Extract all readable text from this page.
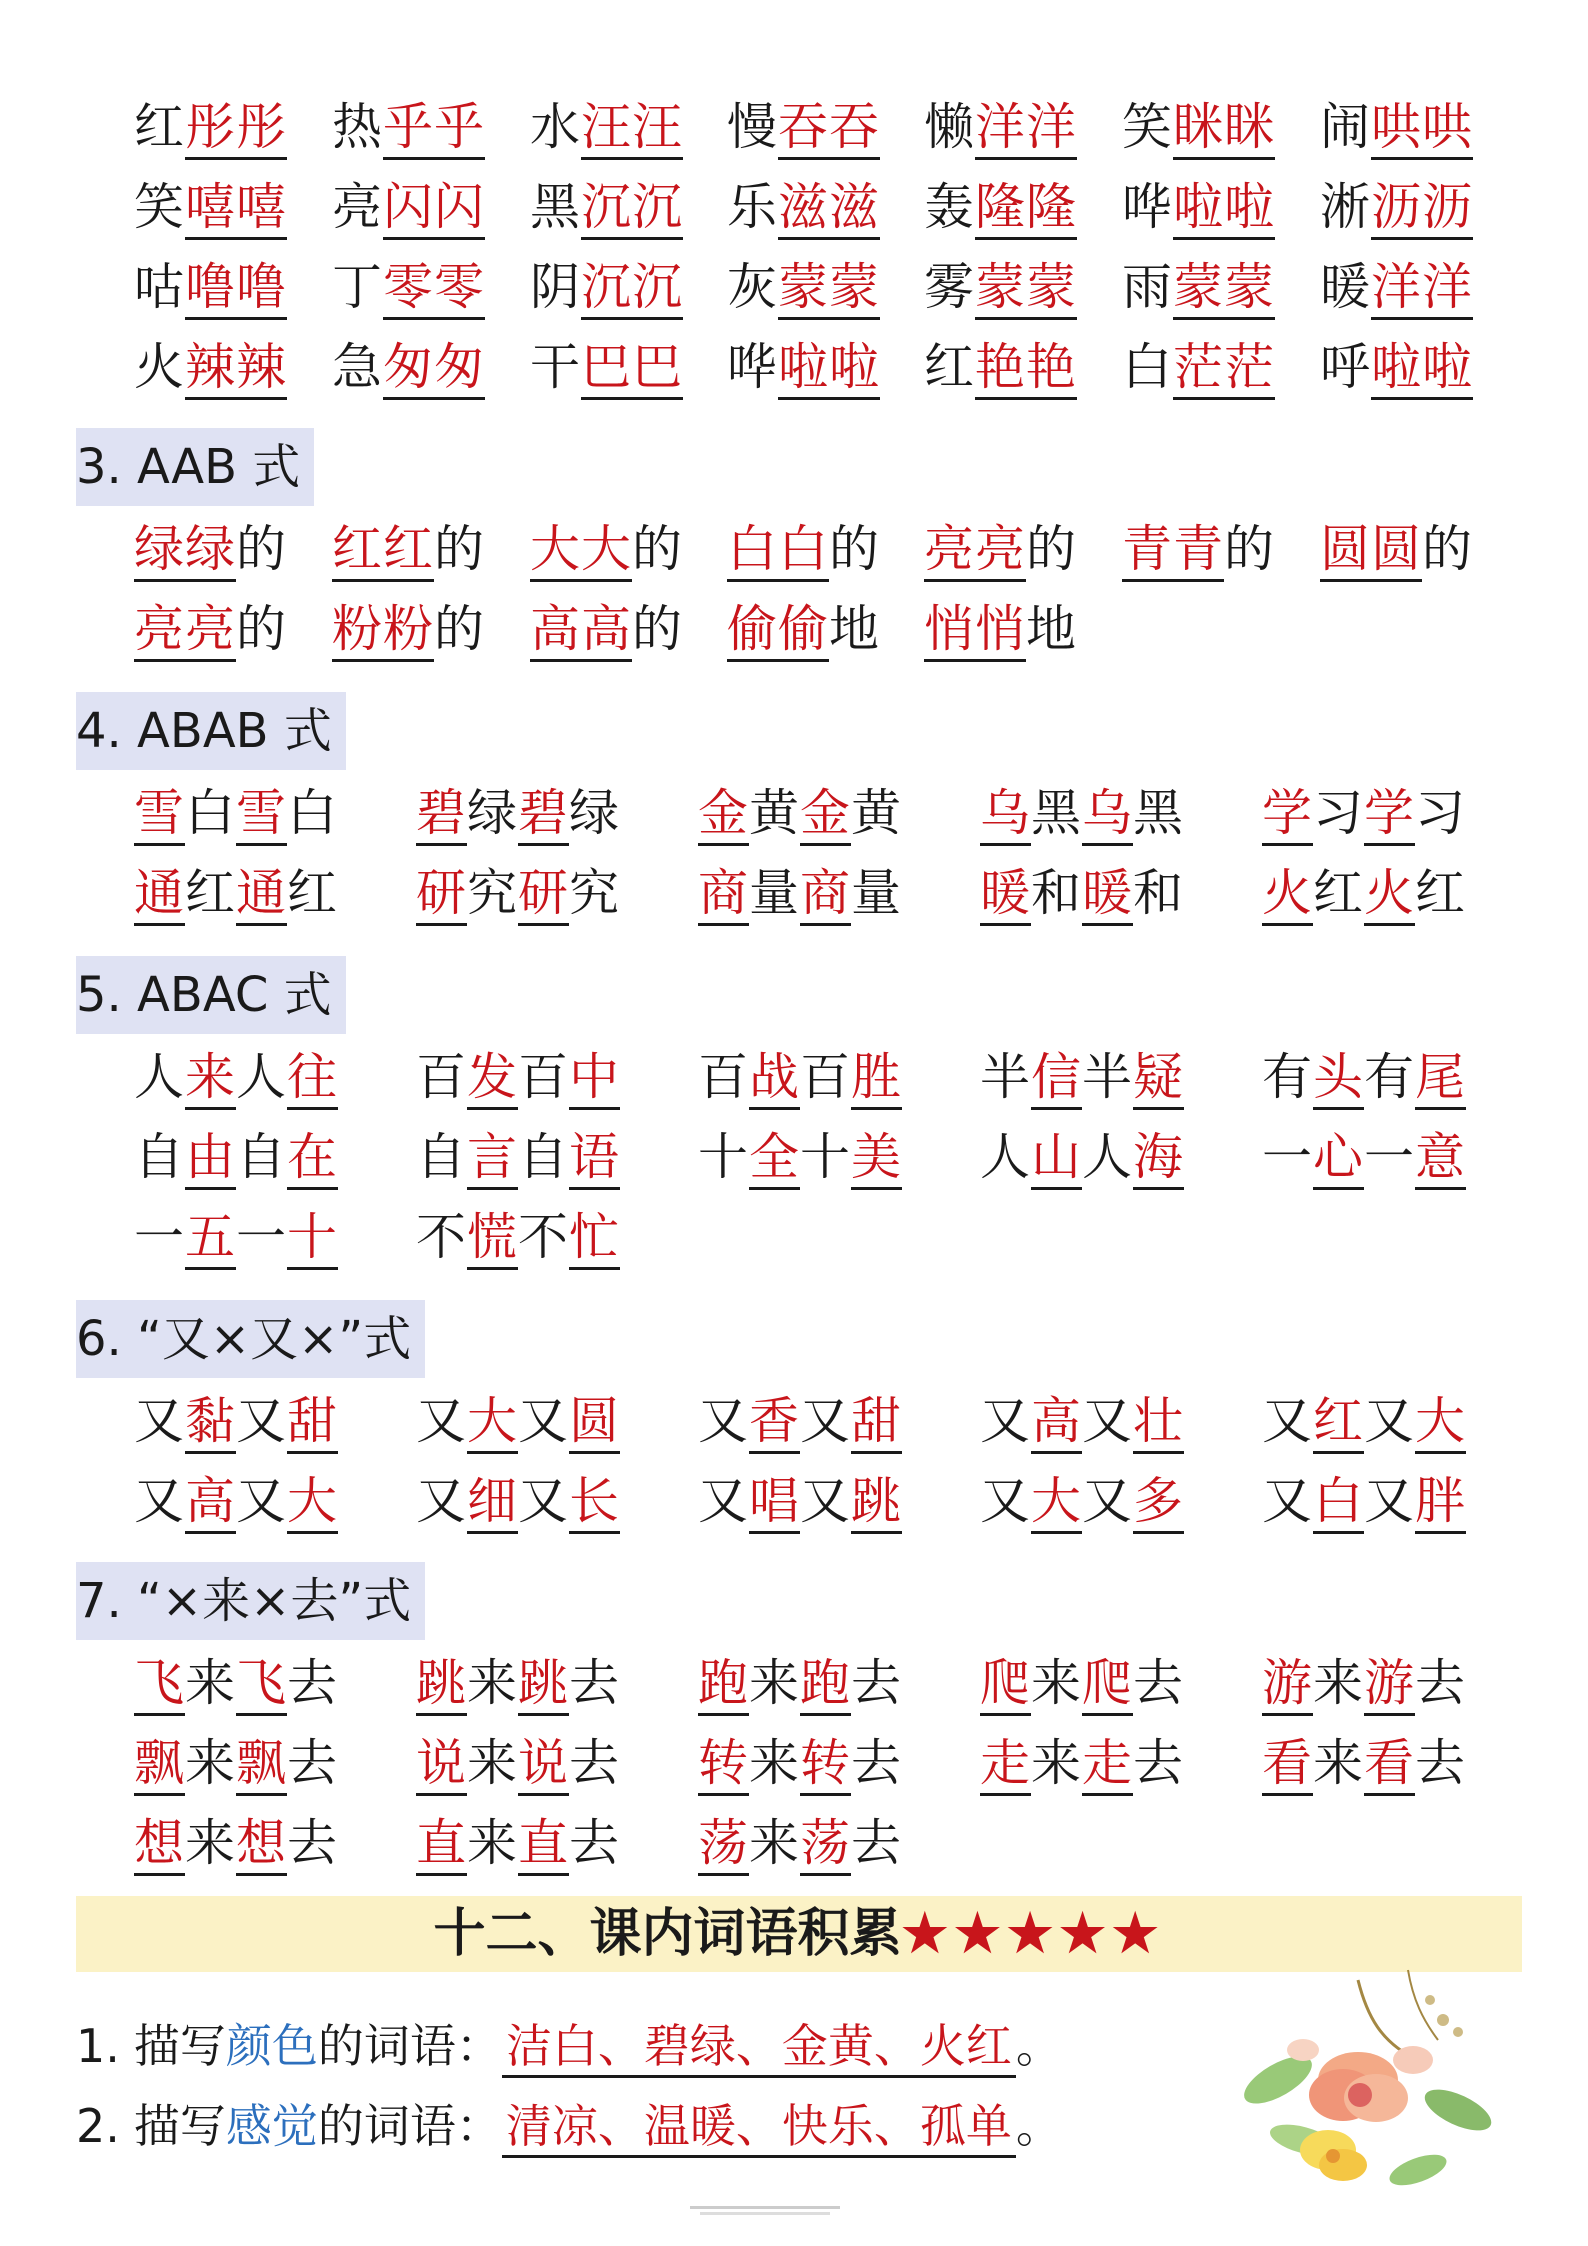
红彤彤 热乎乎 水汪汪 慢吞吞 懒洋洋 笑眯眯 闹哄哄
笑嘻嘻 亮闪闪 黑沉沉 乐滋滋 轰隆隆 哗啦啦 淅沥沥
咕噜噜 丁零零 阴沉沉 灰蒙蒙 雾蒙蒙 雨蒙蒙 暖洋洋
火辣辣 急匆匆 干巴巴 哗啦啦 红艳艳 白茫茫 呼啦啦
3. AAB 式
绿绿的 红红的 大大的 白白的 亮亮的 青青的 圆圆的
亮亮的 粉粉的 高高的 偷偷地 悄悄地
4. ABAB 式
雪白雪白 碧绿碧绿 金黄金黄 乌黑乌黑 学习学习
通红通红 研究研究 商量商量 暖和暖和 火红火红
5. ABAC 式
人来人往 百发百中 百战百胜 半信半疑 有头有尾
自由自在 自言自语 十全十美 人山人海 一心一意
一五一十 不慌不忙
6. “又×又×”式
又黏又甜 又大又圆 又香又甜 又高又壮 又红又大
又高又大 又细又长 又唱又跳 又大又多 又白又胖
7. “×来×去”式
飞来飞去 跳来跳去 跑来跑去 爬来爬去 游来游去
飘来飘去 说来说去 转来转去 走来走去 看来看去
想来想去 直来直去 荡来荡去
十二、课内词语积累★★★★★
1. 描写颜色的词语：洁白、碧绿、金黄、火红。
2. 描写感觉的词语：清凉、温暖、快乐、孤单。
